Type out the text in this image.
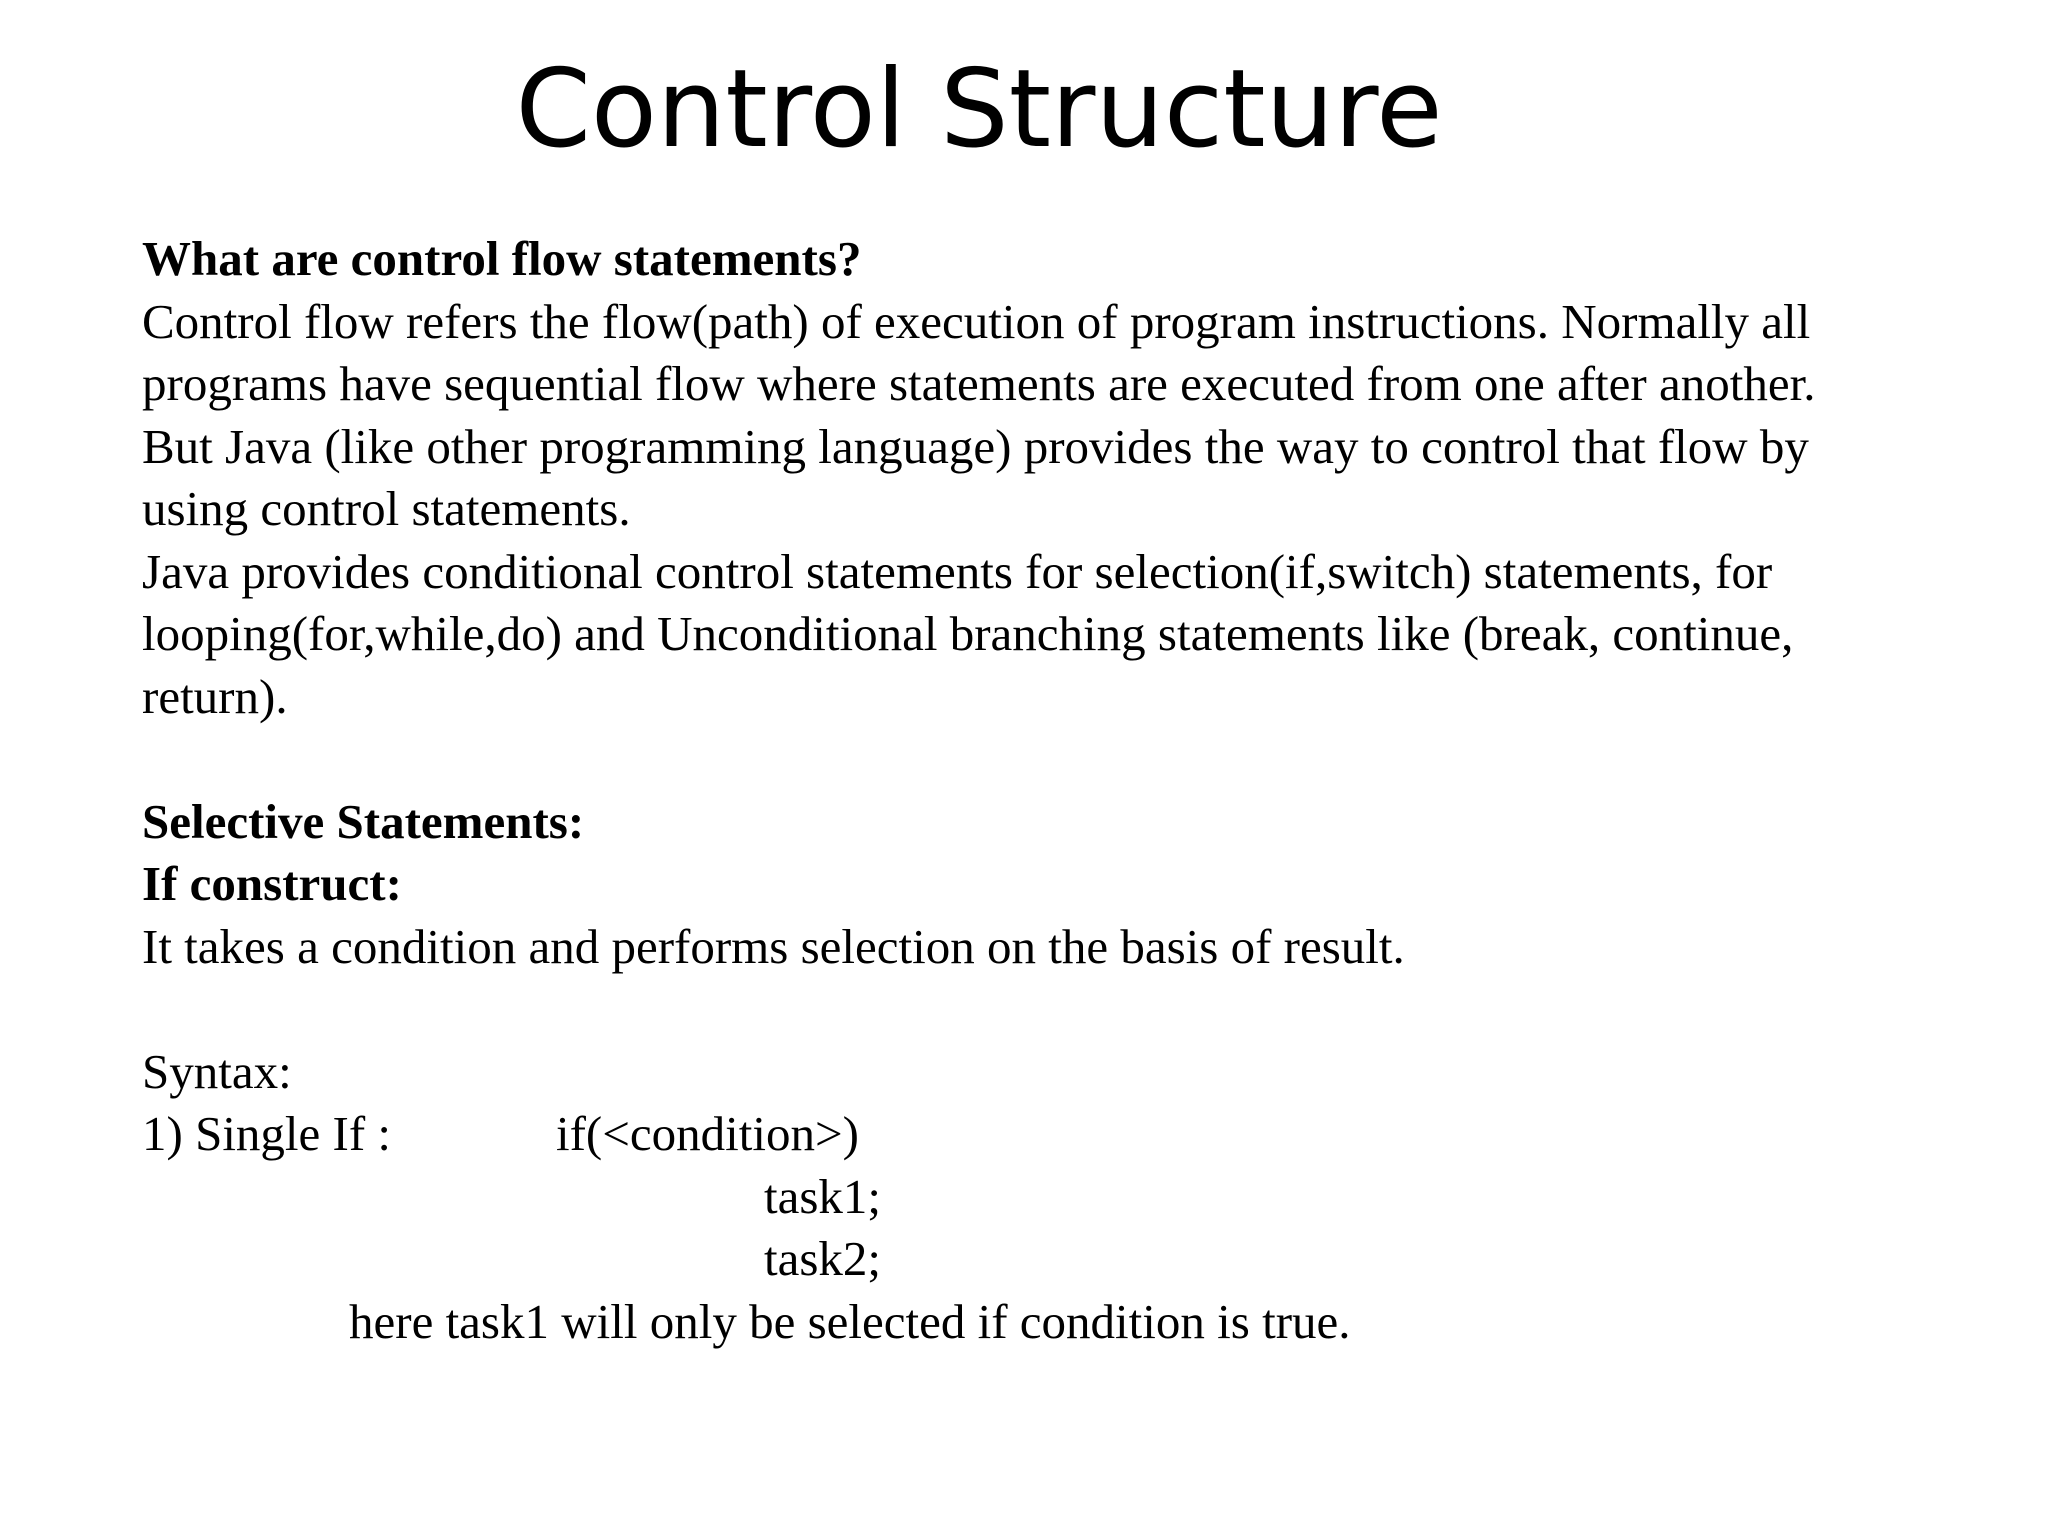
Control Structure
What are control flow statements?
Control flow refers the flow(path) of execution of program instructions. Normally all
programs have sequential flow where statements are executed from one after another.
But Java (like other programming language) provides the way to control that flow by
using control statements.
Java provides conditional control statements for selection(if,switch) statements, for
looping(for,while,do) and Unconditional branching statements like (break, continue,
return).
Selective Statements:
If construct:
It takes a condition and performs selection on the basis of result.
Syntax:
1) Single If :	if(<condition>)
task1;
task2;
here task1 will only be selected if condition is true.
